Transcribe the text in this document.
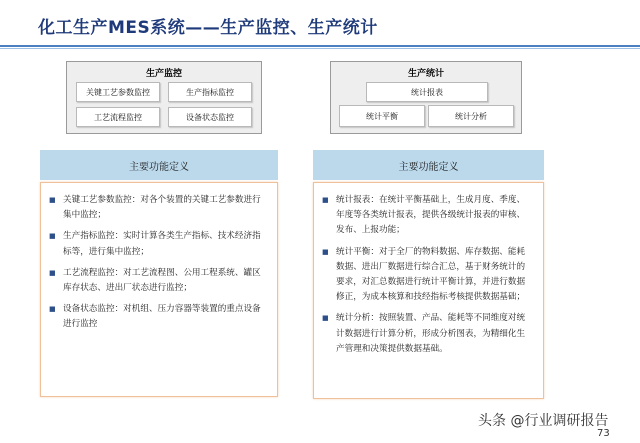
化工生产MES系统——生产监控、生产统计
生产监控
关键工艺参数监控	生产指标监控
工艺流程监控	设备状态监控
生产统计
统计报表
统计平衡	统计分析
主要功能定义
■ 关键工艺参数监控：对各个装置的关键工艺参数进行集中监控；
■ 生产指标监控：实时计算各类生产指标、技术经济指标等，进行集中监控；
■ 工艺流程监控：对工艺流程图、公用工程系统、罐区库存状态、进出厂状态进行监控；
■ 设备状态监控：对机组、压力容器等装置的重点设备进行监控
主要功能定义
■ 统计报表：在统计平衡基础上，生成月度、季度、年度等各类统计报表，提供各级统计报表的审核、发布、上报功能；
■ 统计平衡：对于全厂的物料数据、库存数据、能耗数据、进出厂数据进行综合汇总，基于财务统计的要求，对汇总数据进行统计平衡计算，并进行数据修正，为成本核算和技经指标考核提供数据基础；
■ 统计分析：按照装置、产品、能耗等不同维度对统计数据进行计算分析，形成分析图表，为精细化生产管理和决策提供数据基础。
头条 @行业调研报告
73
